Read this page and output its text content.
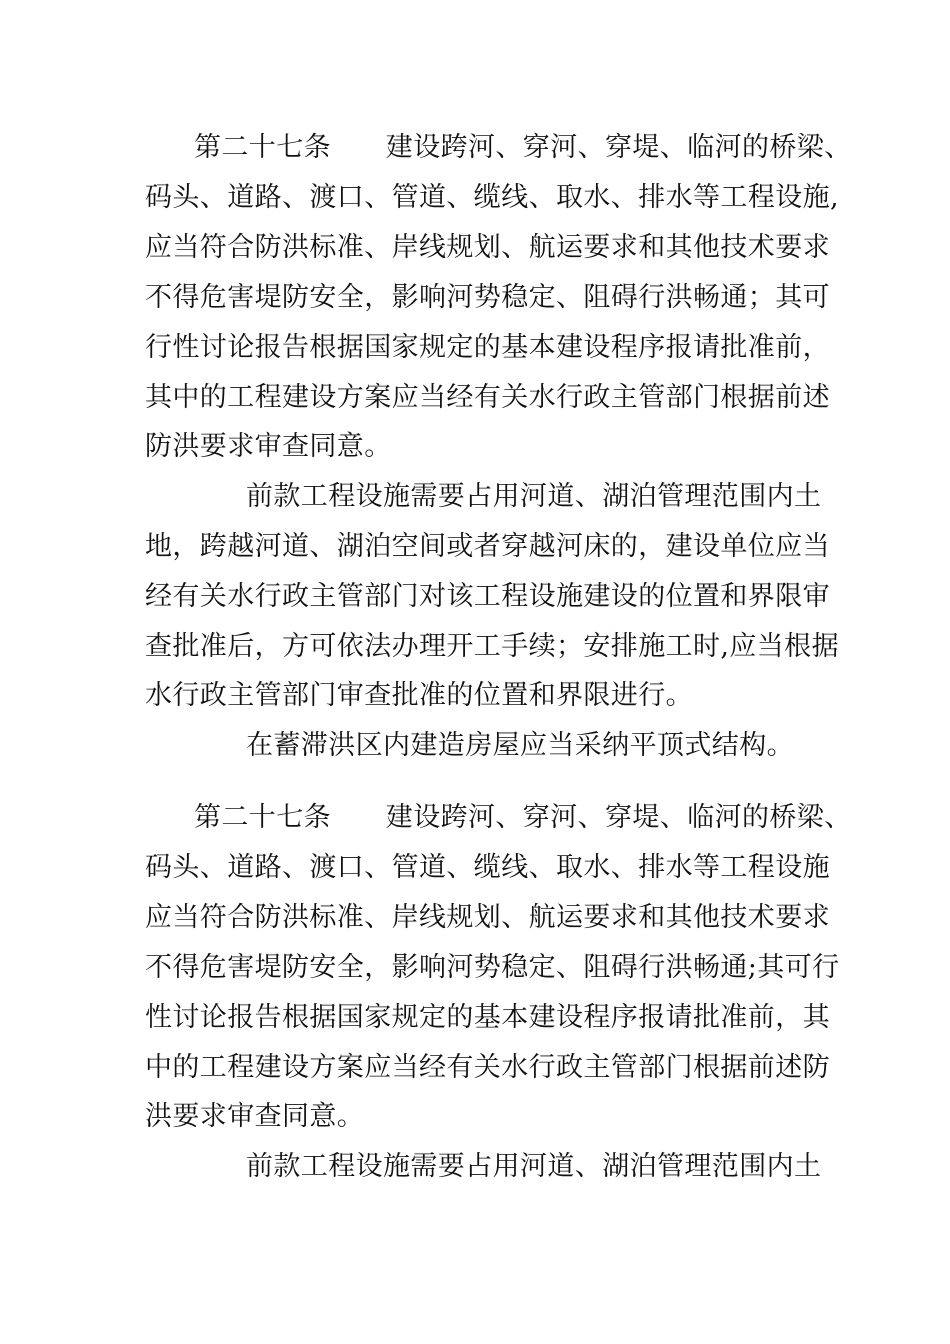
第二十七条　　建设跨河、穿河、穿堤、临河的桥梁、
码头、道路、渡口、管道、缆线、取水、排水等工程设施,
应当符合防洪标准、岸线规划、航运要求和其他技术要求
不得危害堤防安全，影响河势稳定、阻碍行洪畅通；其可
行性讨论报告根据国家规定的基本建设程序报请批准前，
其中的工程建设方案应当经有关水行政主管部门根据前述
防洪要求审查同意。
前款工程设施需要占用河道、湖泊管理范围内土
地，跨越河道、湖泊空间或者穿越河床的，建设单位应当
经有关水行政主管部门对该工程设施建设的位置和界限审
查批准后，方可依法办理开工手续；安排施工时,应当根据
水行政主管部门审查批准的位置和界限进行。
在蓄滞洪区内建造房屋应当采纳平顶式结构。
第二十七条　　建设跨河、穿河、穿堤、临河的桥梁、
码头、道路、渡口、管道、缆线、取水、排水等工程设施
应当符合防洪标准、岸线规划、航运要求和其他技术要求
不得危害堤防安全，影响河势稳定、阻碍行洪畅通;其可行
性讨论报告根据国家规定的基本建设程序报请批准前，其
中的工程建设方案应当经有关水行政主管部门根据前述防
洪要求审查同意。
前款工程设施需要占用河道、湖泊管理范围内土
